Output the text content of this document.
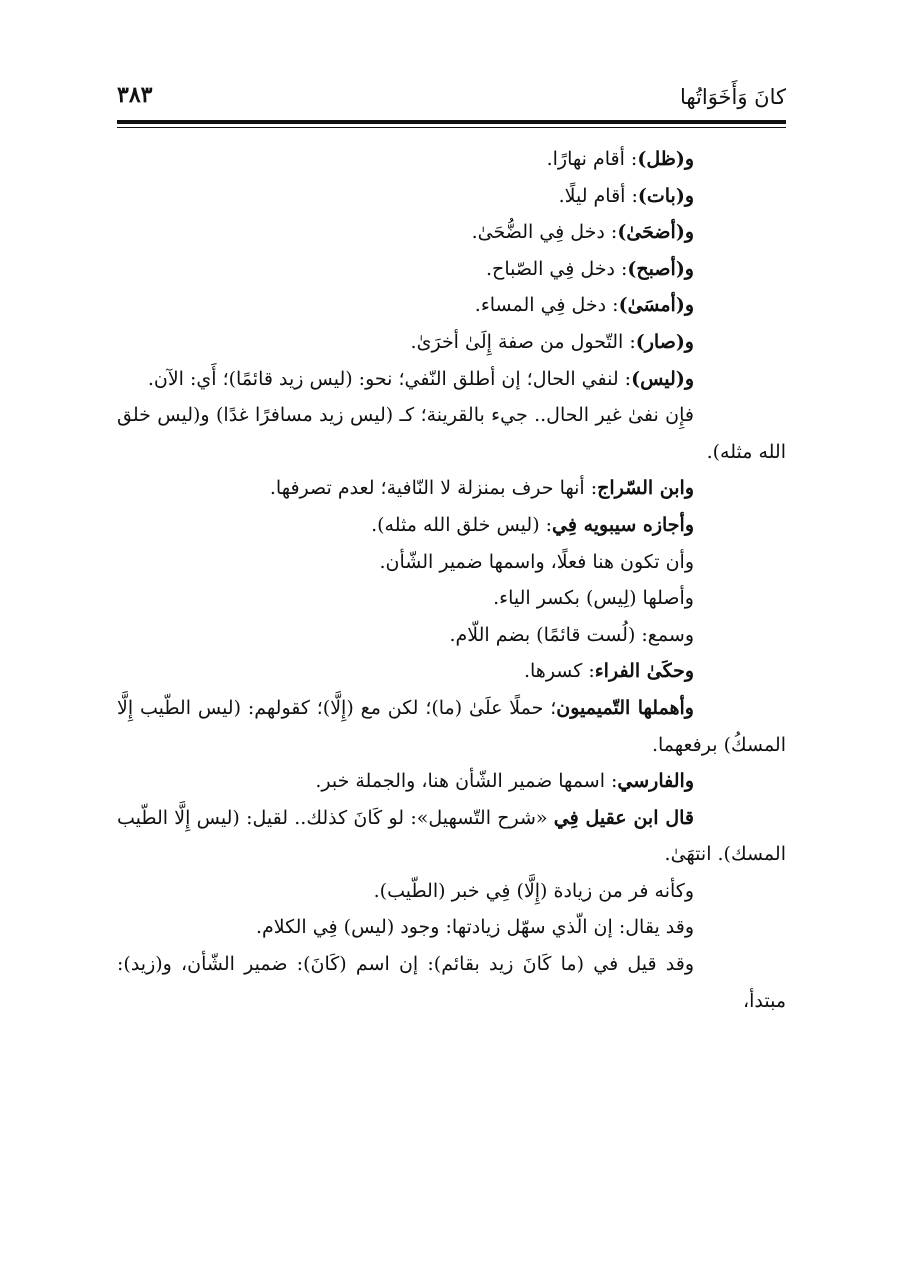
كانَ وَأَخَوَاتُها
٣٨٣

و(ظل): أقام نهارًا.

و(بات): أقام ليلًا.

و(أضحَىٰ): دخل فِي الضُّحَىٰ.

و(أصبح): دخل فِي الصّباح.

و(أمسَىٰ): دخل فِي المساء.

و(صار): التّحول من صفة إِلَىٰ أخرَىٰ.

و(ليس): لنفي الحال؛ إن أطلق النّفي؛ نحو: (ليس زيد قائمًا)؛ أَي: الآن.

فإِن نفىٰ غير الحال.. جيء بالقرينة؛ كـ (ليس زيد مسافرًا غدًا) و(ليس خلق الله مثله).

وابن السّراج: أنها حرف بمنزلة لا النّافية؛ لعدم تصرفها.

وأجازه سيبويه فِي: (ليس خلق الله مثله).

وأن تكون هنا فعلًا، واسمها ضمير الشّأن.

وأصلها (لِيس) بكسر الياء.

وسمع: (لُست قائمًا) بضم اللّام.

وحكَىٰ الفراء: كسرها.

وأهملها التّميميون؛ حملًا علَىٰ (ما)؛ لكن مع (إِلَّا)؛ كقولهم: (ليس الطّيب إِلَّا المسكُ) برفعهما.

والفارسي: اسمها ضمير الشّأن هنا، والجملة خبر.

قال ابن عقيل فِي «شرح التّسهيل»: لو كَانَ كذلك.. لقيل: (ليس إِلَّا الطّيب المسك). انتهَىٰ.

وكأنه فر من زيادة (إِلَّا) فِي خبر (الطّيب).

وقد يقال: إن الّذي سهّل زيادتها: وجود (ليس) فِي الكلام.

وقد قيل في (ما كَانَ زيد بقائم): إن اسم (كَانَ): ضمير الشّأن، و(زيد): مبتدأ،
